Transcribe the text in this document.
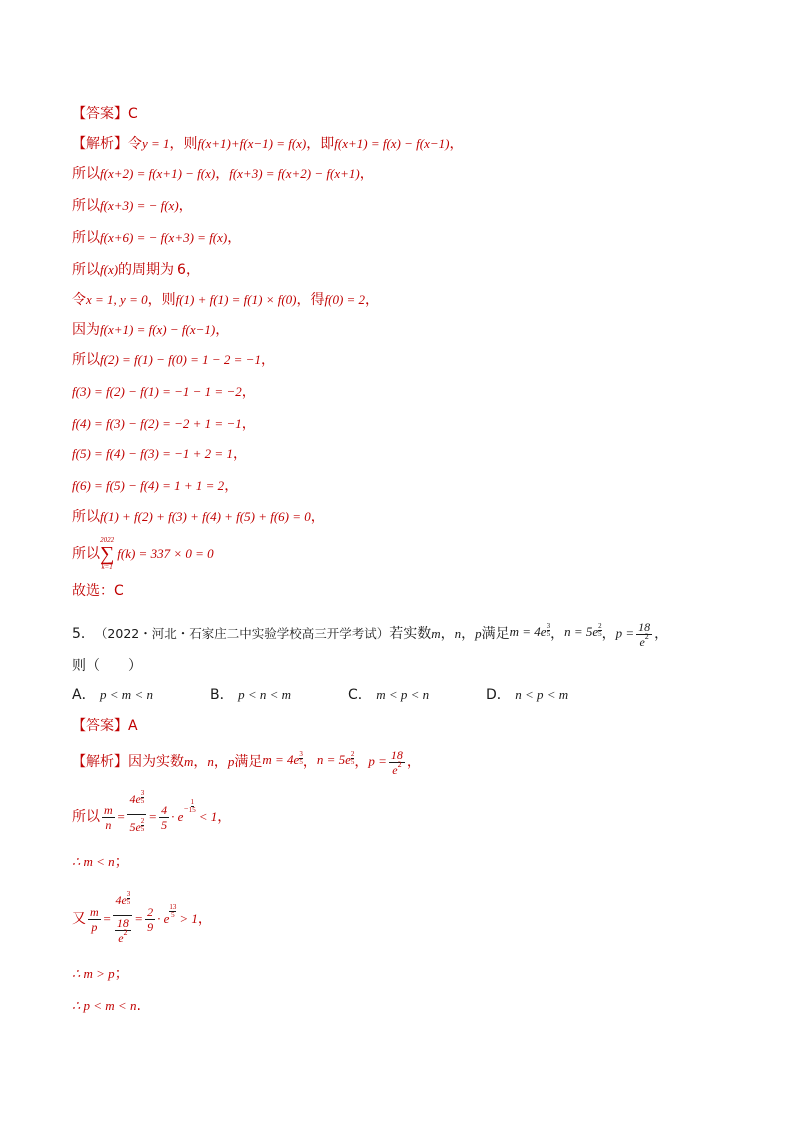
【答案】 C
【解析】 令 y = 1 ，则 f(x+1)+f(x−1) = f(x) ，即 f(x+1) = f(x) − f(x−1) ，
所以 f(x+2) = f(x+1) − f(x) ， f(x+3) = f(x+2) − f(x+1) ，
所以 f(x+3) = − f(x) ，
所以 f(x+6) = − f(x+3) = f(x) ，
所以 f(x) 的周期为 6 ，
令 x = 1, y = 0 ，则 f(1) + f(1) = f(1) × f(0) ，得 f(0) = 2 ，
因为 f(x+1) = f(x) − f(x−1) ，
所以 f(2) = f(1) − f(0) = 1 − 2 = −1 ，
f(3) = f(2) − f(1) = −1 − 1 = −2 ，
f(4) = f(3) − f(2) = −2 + 1 = −1 ，
f(5) = f(4) − f(3) = −1 + 2 = 1 ，
f(6) = f(5) − f(4) = 1 + 1 = 2 ，
所以 f(1) + f(2) + f(3) + f(4) + f(5) + f(6) = 0 ，
所以
2022
∑
k=1
f(k) = 337 × 0 = 0
故选： C
5． （2022・河北・石家庄二中实验学校高三开学考试） 若实数 m ， n ， p 满足 $m = 4e \frac{3}{5}$ ， $n = 5e \frac{2}{5}$ ， $p = \frac{18}{e^2}$ ，
则（　　）
A． p < m < n	B． p < n < m	C． m < p < n	D． n < p < m
【答案】 A
【解析】 因为实数 m ， n ， p 满足 $m = 4e \frac{3}{5}$ ， $n = 5e \frac{2}{5}$ ， $p = \frac{18}{e^2}$ ，
所以 $\frac{m}{n} = \frac{4e \frac{3}{5}}{5e \frac{2}{5}} = \frac{4}{5} \cdot e$
− $\frac{1}{15}$
< 1 ，
∴ m < n ；
又 $\frac{m}{p} = \frac{4e \frac{3}{5}}{\frac{18}{e^2}} = \frac{2}{9} \cdot e \frac{13}{5} > 1$ ，
∴ m > p ；
∴ p < m < n .
